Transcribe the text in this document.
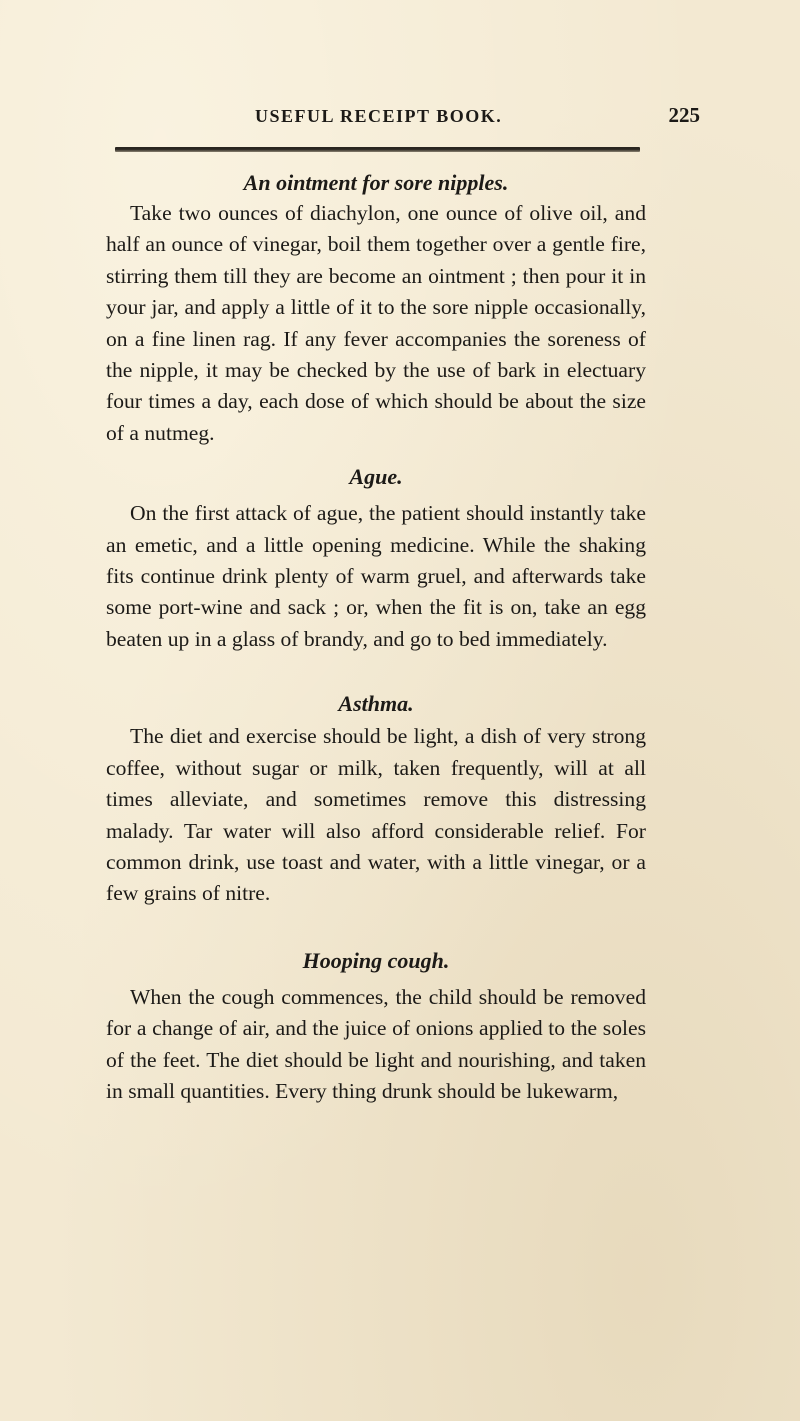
USEFUL RECEIPT BOOK.	225
An ointment for sore nipples.

Take two ounces of diachylon, one ounce of olive oil, and half an ounce of vinegar, boil them together over a gentle fire, stirring them till they are become an ointment ; then pour it in your jar, and apply a little of it to the sore nipple occasionally, on a fine linen rag. If any fever accompanies the soreness of the nipple, it may be checked by the use of bark in electuary four times a day, each dose of which should be about the size of a nutmeg.

Ague.

On the first attack of ague, the patient should instantly take an emetic, and a little opening medicine. While the shaking fits continue drink plenty of warm gruel, and afterwards take some port-wine and sack ; or, when the fit is on, take an egg beaten up in a glass of brandy, and go to bed immediately.

Asthma.

The diet and exercise should be light, a dish of very strong coffee, without sugar or milk, taken frequently, will at all times alleviate, and sometimes remove this distressing malady. Tar water will also afford considerable relief. For common drink, use toast and water, with a little vinegar, or a few grains of nitre.

Hooping cough.

When the cough commences, the child should be removed for a change of air, and the juice of onions applied to the soles of the feet. The diet should be light and nourishing, and taken in small quantities. Every thing drunk should be lukewarm,
